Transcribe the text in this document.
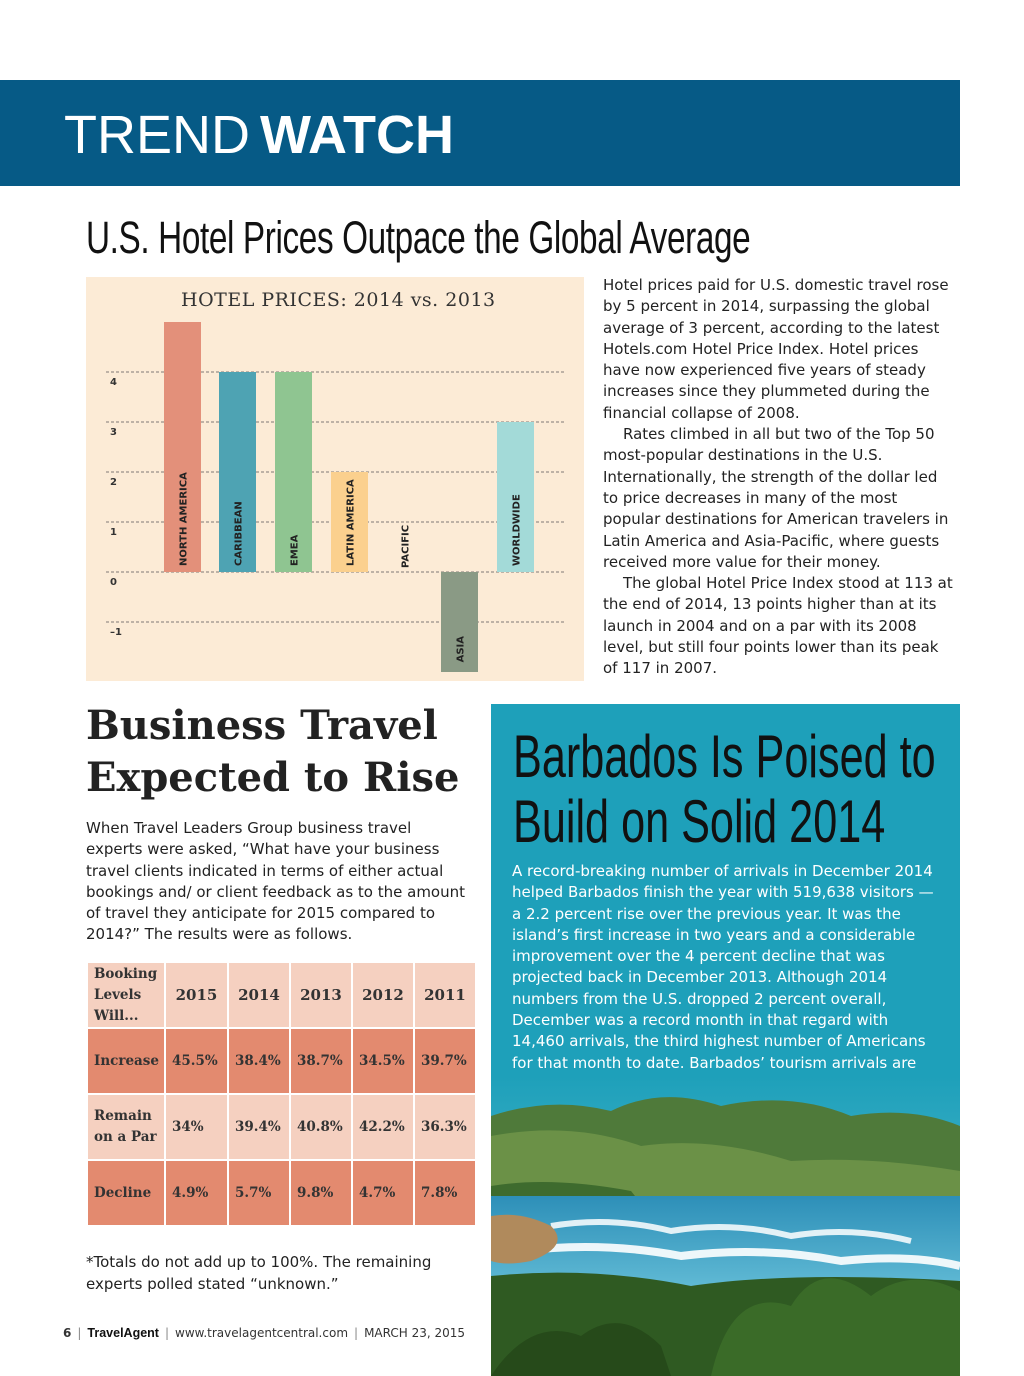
TREND WATCH
U.S. Hotel Prices Outpace the Global Average
HOTEL PRICES: 2014 vs. 2013
4
3
2
1
0
–1
NORTH AMERICA	CARIBBEAN	EMEA	LATIN AMERICA	PACIFIC
ASIA
WORLDWIDE

Hotel prices paid for U.S. domestic travel rose by 5 percent in 2014, surpassing the global average of 3 percent, according to the latest Hotels.com Hotel Price Index. Hotel prices have now experienced five years of steady increases since they plummeted during the financial collapse of 2008.

Rates climbed in all but two of the Top 50 most-popular destinations in the U.S. Internationally, the strength of the dollar led to price decreases in many of the most popular destinations for American travelers in Latin America and Asia-Pacific, where guests received more value for their money.

The global Hotel Price Index stood at 113 at the end of 2014, 13 points higher than at its launch in 2004 and on a par with its 2008 level, but still four points lower than its peak of 117 in 2007.

Business Travel
Expected to Rise
When Travel Leaders Group business travel experts were asked, “What have your business travel clients indicated in terms of either actual bookings and/ or client feedback as to the amount of travel they anticipate for 2015 compared to 2014?” The results were as follows.
Booking Levels Will...	2015	2014	2013	2012	2011
Increase	45.5%	38.4%	38.7%	34.5%	39.7%
Remain on a Par	34%	39.4%	40.8%	42.2%	36.3%
Decline	4.9%	5.7%	9.8%	4.7%	7.8%
*Totals do not add up to 100%. The remaining experts polled stated “unknown.”
6 | TravelAgent | www.travelagentcentral.com | MARCH 23, 2015
Barbados Is Poised to
Build on Solid 2014
A record-breaking number of arrivals in December 2014 helped Barbados finish the year with 519,638 visitors — a 2.2 percent rise over the previous year. It was the island’s first increase in two years and a considerable improvement over the 4 percent decline that was projected back in December 2013. Although 2014 numbers from the U.S. dropped 2 percent overall, December was a record month in that regard with 14,460 arrivals, the third highest number of Americans for that month to date. Barbados’ tourism arrivals are
